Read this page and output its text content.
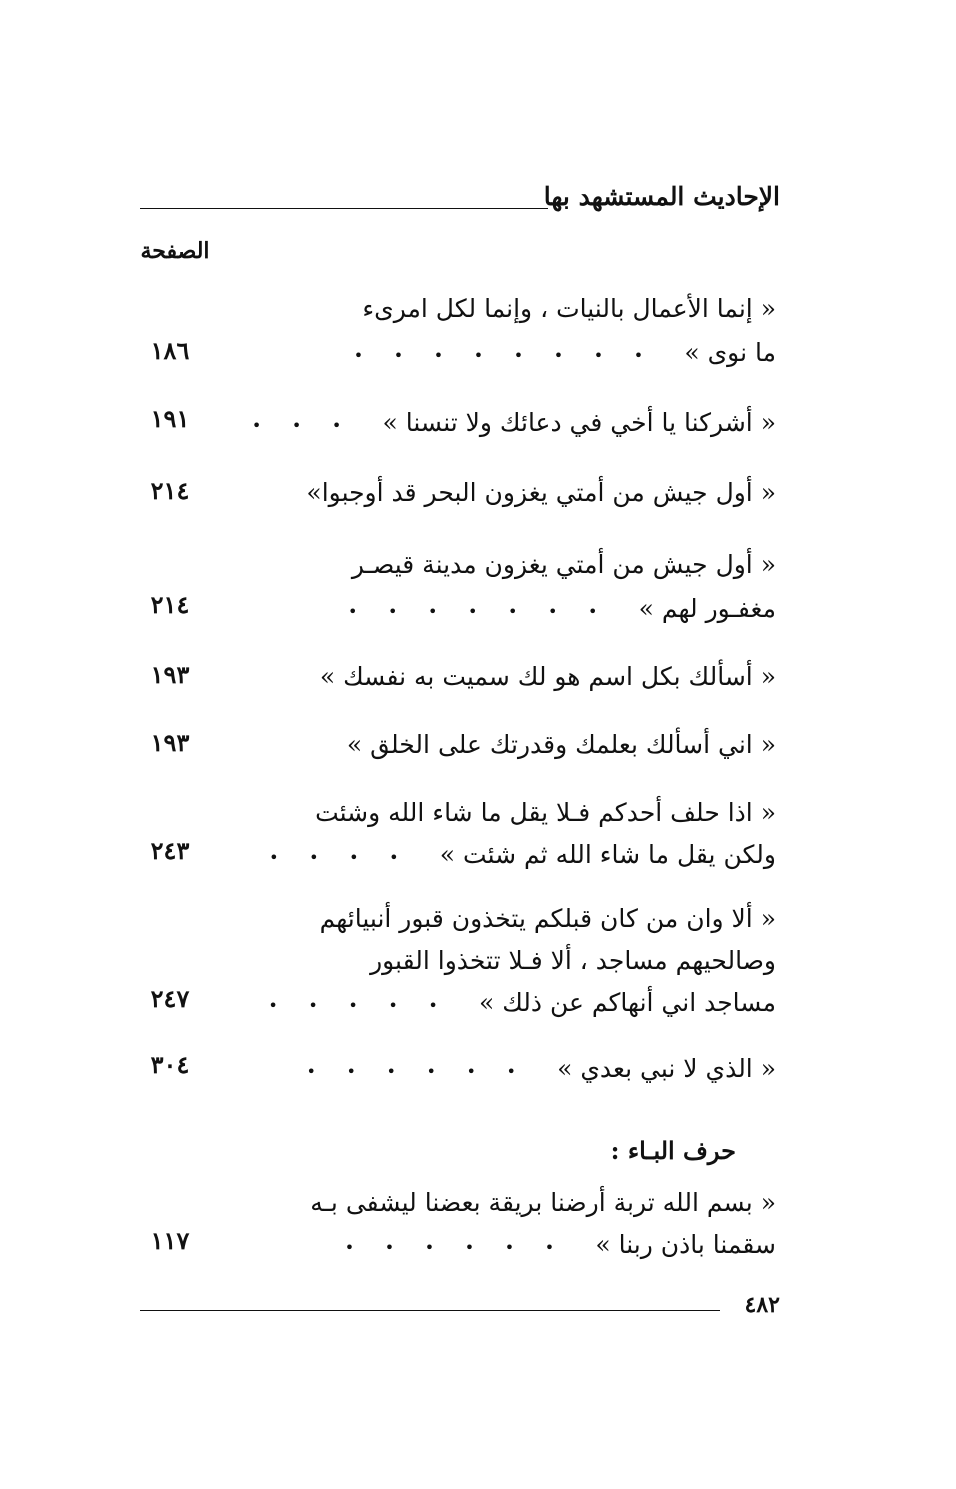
الإحاديث المستشهد بها
الصفحة
« إنما الأعمال بالنيات ، وإنما لكل امرىء
ما نوى » ••••••••
١٨٦
« أشركنا يا أخي في دعائك ولا تنسنا » •••
١٩١
« أول جيش من أمتي يغزون البحر قد أوجبوا»
٢١٤
« أول جيش من أمتي يغزون مدينة قيصـر
مغفـور لهم » •••••••
٢١٤
« أسألك بكل اسم هو لك سميت به نفسك »
١٩٣
« اني أسألك بعلمك وقدرتك على الخلق »
١٩٣
« اذا حلف أحدكم فـلا يقل ما شاء الله وشئت
ولكن يقل ما شاء الله ثم شئت » ••••
٢٤٣
« ألا وان من كان قبلكم يتخذون قبور أنبيائهم
وصالحيهم مساجد ، ألا فـلا تتخذوا القبور
مساجد اني أنهاكم عن ذلك » •••••
٢٤٧
« الذي لا نبي بعدي » ••••••
٣٠٤
حرف البـاء :
« بسم الله تربة أرضنا بريقة بعضنا ليشفى بـه
سقمنا باذن ربنا » ••••••
١١٧
٤٨٢
